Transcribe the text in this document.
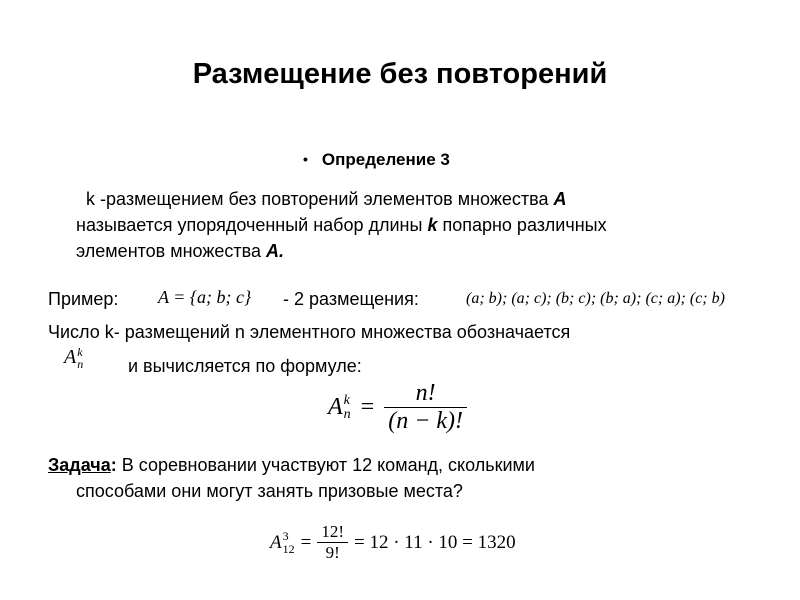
Размещение без повторений
• Определение 3
k -размещением без повторений элементов множества A
называется упорядоченный набор длины k попарно различных
элементов множества A.
Пример: A = {a; b; c} - 2 размещения:	(a; b); (a; c); (b; c); (b; a); (c; a); (c; b)
Число k- размещений n элементного множества обозначается
A k
n и вычисляется по формуле:
A k
$n = \frac{n!}{(n - k)!}$
Задача: В соревновании участвуют 12 команд, сколькими
способами они могут занять призовые места?
A 3
$12 = \frac{12!}{9!} = 12 \cdot 11 \cdot 10 = 1320$
